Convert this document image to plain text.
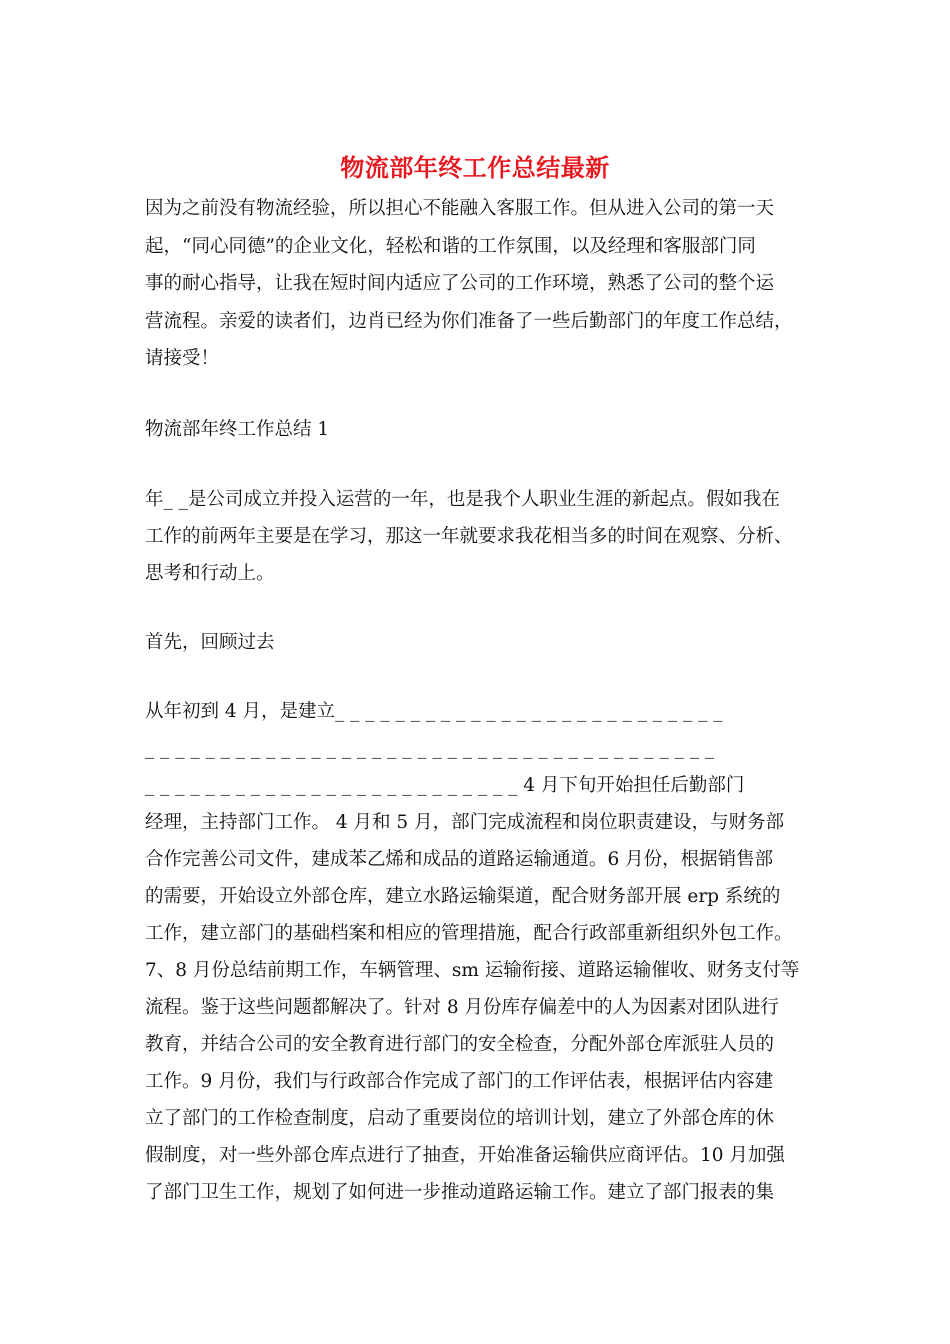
物流部年终工作总结最新
因为之前没有物流经验，所以担心不能融入客服工作。但从进入公司的第一天
起，“同心同德”的企业文化，轻松和谐的工作氛围，以及经理和客服部门同
事的耐心指导，让我在短时间内适应了公司的工作环境，熟悉了公司的整个运
营流程。亲爱的读者们，边肖已经为你们准备了一些后勤部门的年度工作总结，
请接受！
物流部年终工作总结 1
年_ _是公司成立并投入运营的一年，也是我个人职业生涯的新起点。假如我在
工作的前两年主要是在学习，那这一年就要求我花相当多的时间在观察、分析、
思考和行动上。
首先，回顾过去
从年初到 4 月，是建立_ _ _ _ _ _ _ _ _ _ _ _ _ _ _ _ _ _ _ _ _ _ _ _ _ _
_ _ _ _ _ _ _ _ _ _ _ _ _ _ _ _ _ _ _ _ _ _ _ _ _ _ _ _ _ _ _ _ _ _ _ _ _ _
_ _ _ _ _ _ _ _ _ _ _ _ _ _ _ _ _ _ _ _ _ _ _ _ _ 4 月下旬开始担任后勤部门
经理，主持部门工作。 4 月和 5 月，部门完成流程和岗位职责建设，与财务部
合作完善公司文件，建成苯乙烯和成品的道路运输通道。6 月份，根据销售部
的需要，开始设立外部仓库，建立水路运输渠道，配合财务部开展 erp 系统的
工作，建立部门的基础档案和相应的管理措施，配合行政部重新组织外包工作。
7、8 月份总结前期工作，车辆管理、sm 运输衔接、道路运输催收、财务支付等
流程。鉴于这些问题都解决了。针对 8 月份库存偏差中的人为因素对团队进行
教育，并结合公司的安全教育进行部门的安全检查，分配外部仓库派驻人员的
工作。9 月份，我们与行政部合作完成了部门的工作评估表，根据评估内容建
立了部门的工作检查制度，启动了重要岗位的培训计划，建立了外部仓库的休
假制度，对一些外部仓库点进行了抽查，开始准备运输供应商评估。10 月加强
了部门卫生工作，规划了如何进一步推动道路运输工作。建立了部门报表的集
